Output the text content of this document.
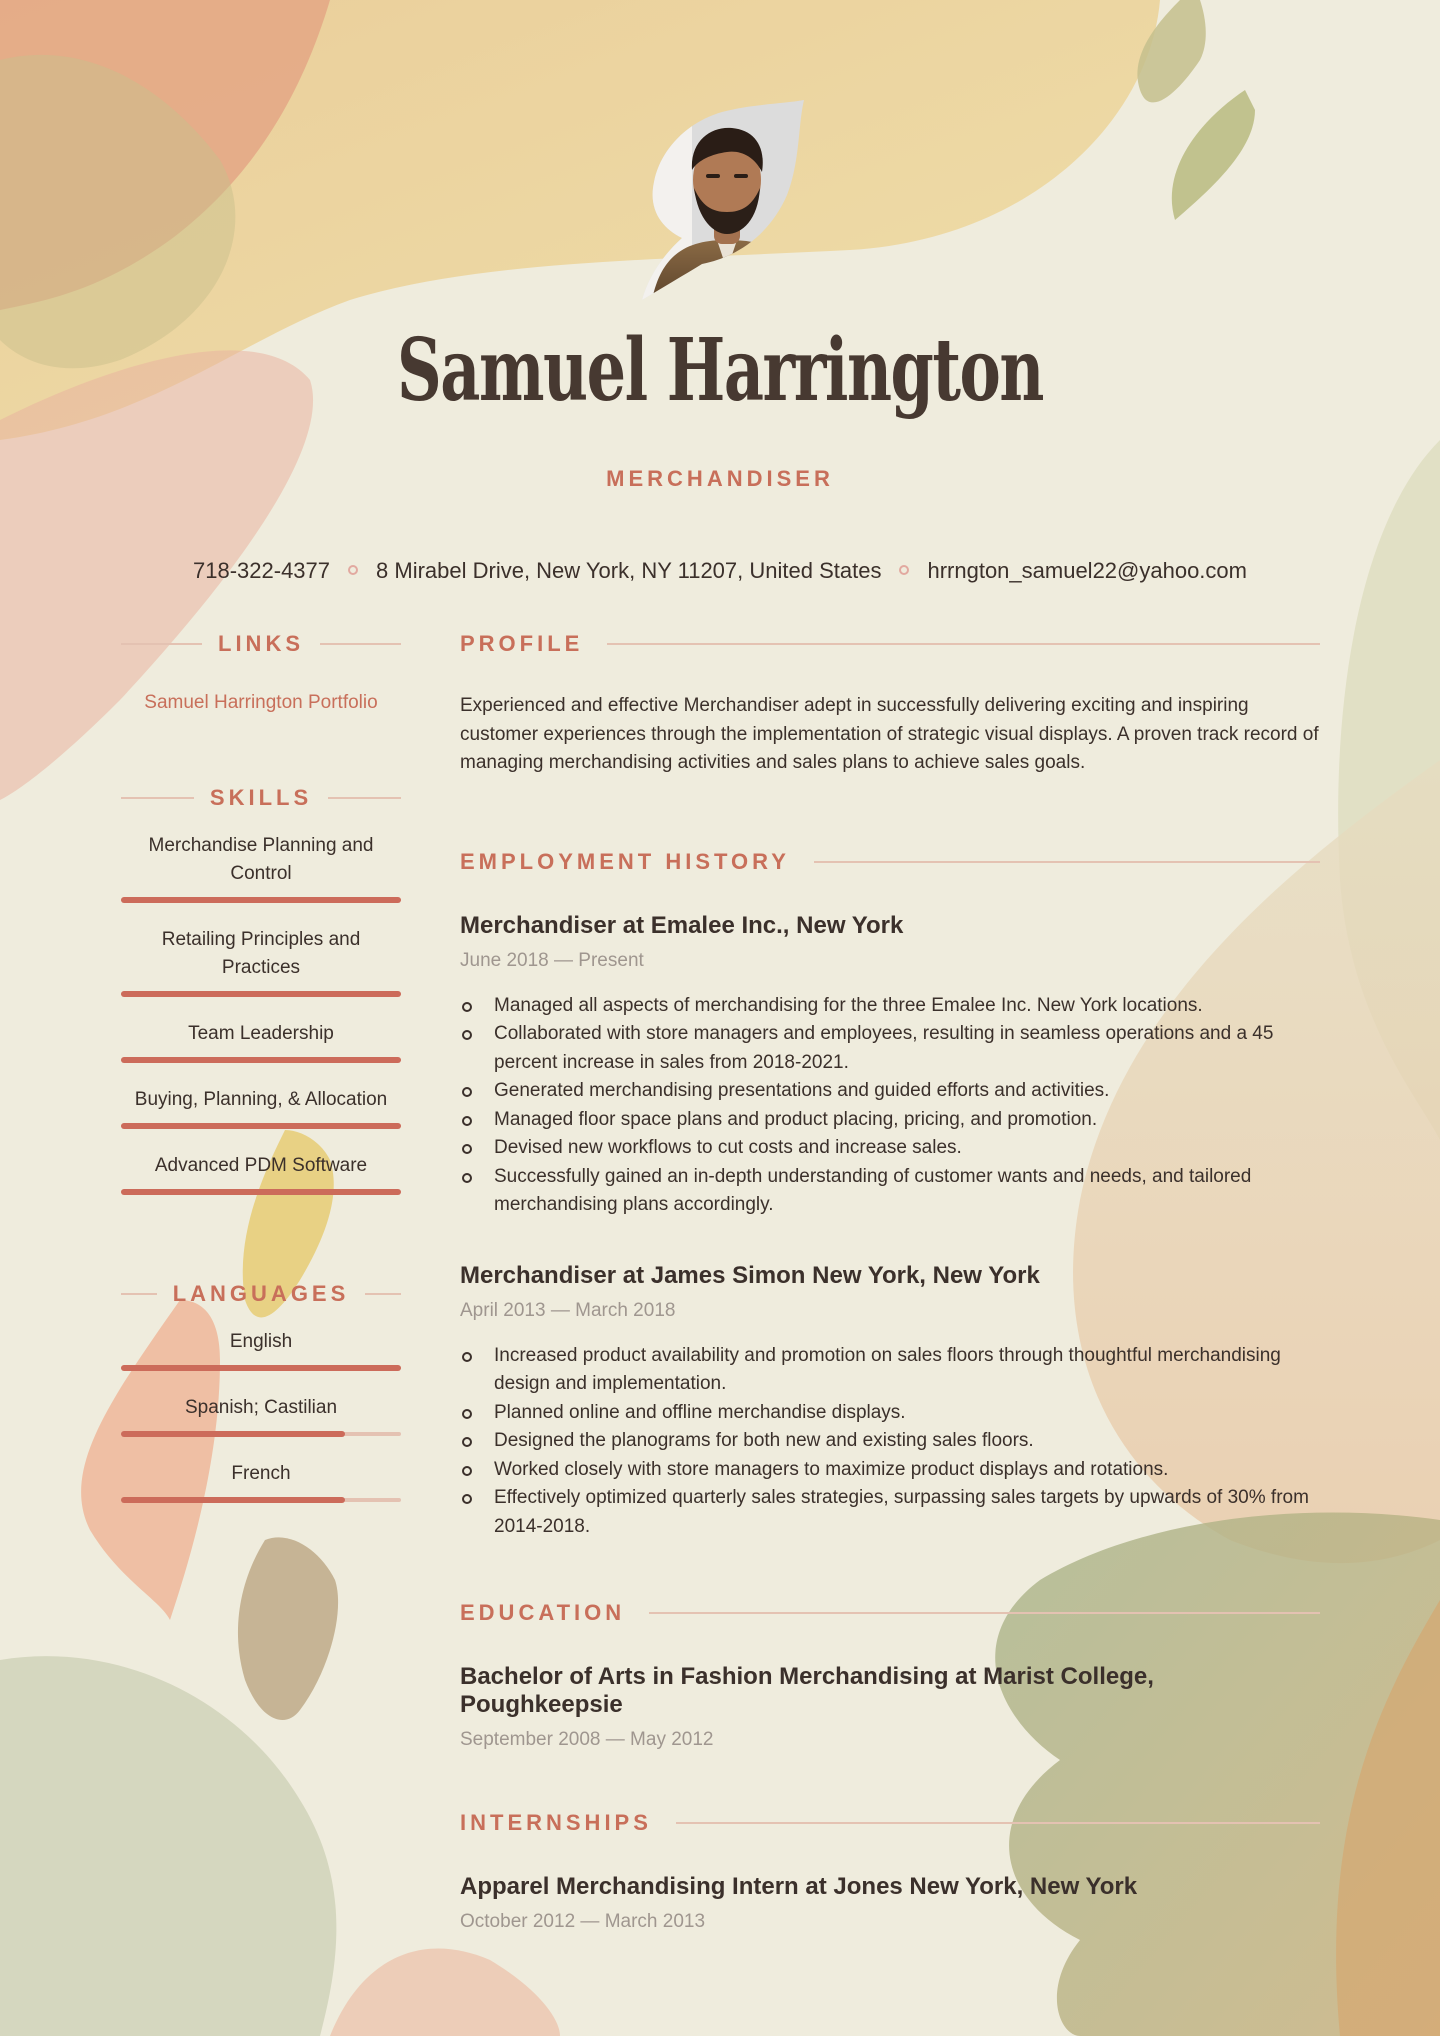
Samuel Harrington
MERCHANDISER
718-322-4377 8 Mirabel Drive, New York, NY 11207, United States hrrngton_samuel22@yahoo.com
LINKS
Samuel Harrington Portfolio
SKILLS
Merchandise Planning and Control
Retailing Principles and Practices
Team Leadership
Buying, Planning, & Allocation
Advanced PDM Software
LANGUAGES
English
Spanish; Castilian
French
PROFILE
Experienced and effective Merchandiser adept in successfully delivering exciting and inspiring customer experiences through the implementation of strategic visual displays. A proven track record of managing merchandising activities and sales plans to achieve sales goals.
EMPLOYMENT HISTORY
Merchandiser at Emalee Inc., New York
June 2018 — Present
Managed all aspects of merchandising for the three Emalee Inc. New York locations.
Collaborated with store managers and employees, resulting in seamless operations and a 45 percent increase in sales from 2018-2021.
Generated merchandising presentations and guided efforts and activities.
Managed floor space plans and product placing, pricing, and promotion.
Devised new workflows to cut costs and increase sales.
Successfully gained an in-depth understanding of customer wants and needs, and tailored merchandising plans accordingly.
Merchandiser at James Simon New York, New York
April 2013 — March 2018
Increased product availability and promotion on sales floors through thoughtful merchandising design and implementation.
Planned online and offline merchandise displays.
Designed the planograms for both new and existing sales floors.
Worked closely with store managers to maximize product displays and rotations.
Effectively optimized quarterly sales strategies, surpassing sales targets by upwards of 30% from 2014-2018.
EDUCATION
Bachelor of Arts in Fashion Merchandising at Marist College, Poughkeepsie
September 2008 — May 2012
INTERNSHIPS
Apparel Merchandising Intern at Jones New York, New York
October 2012 — March 2013
